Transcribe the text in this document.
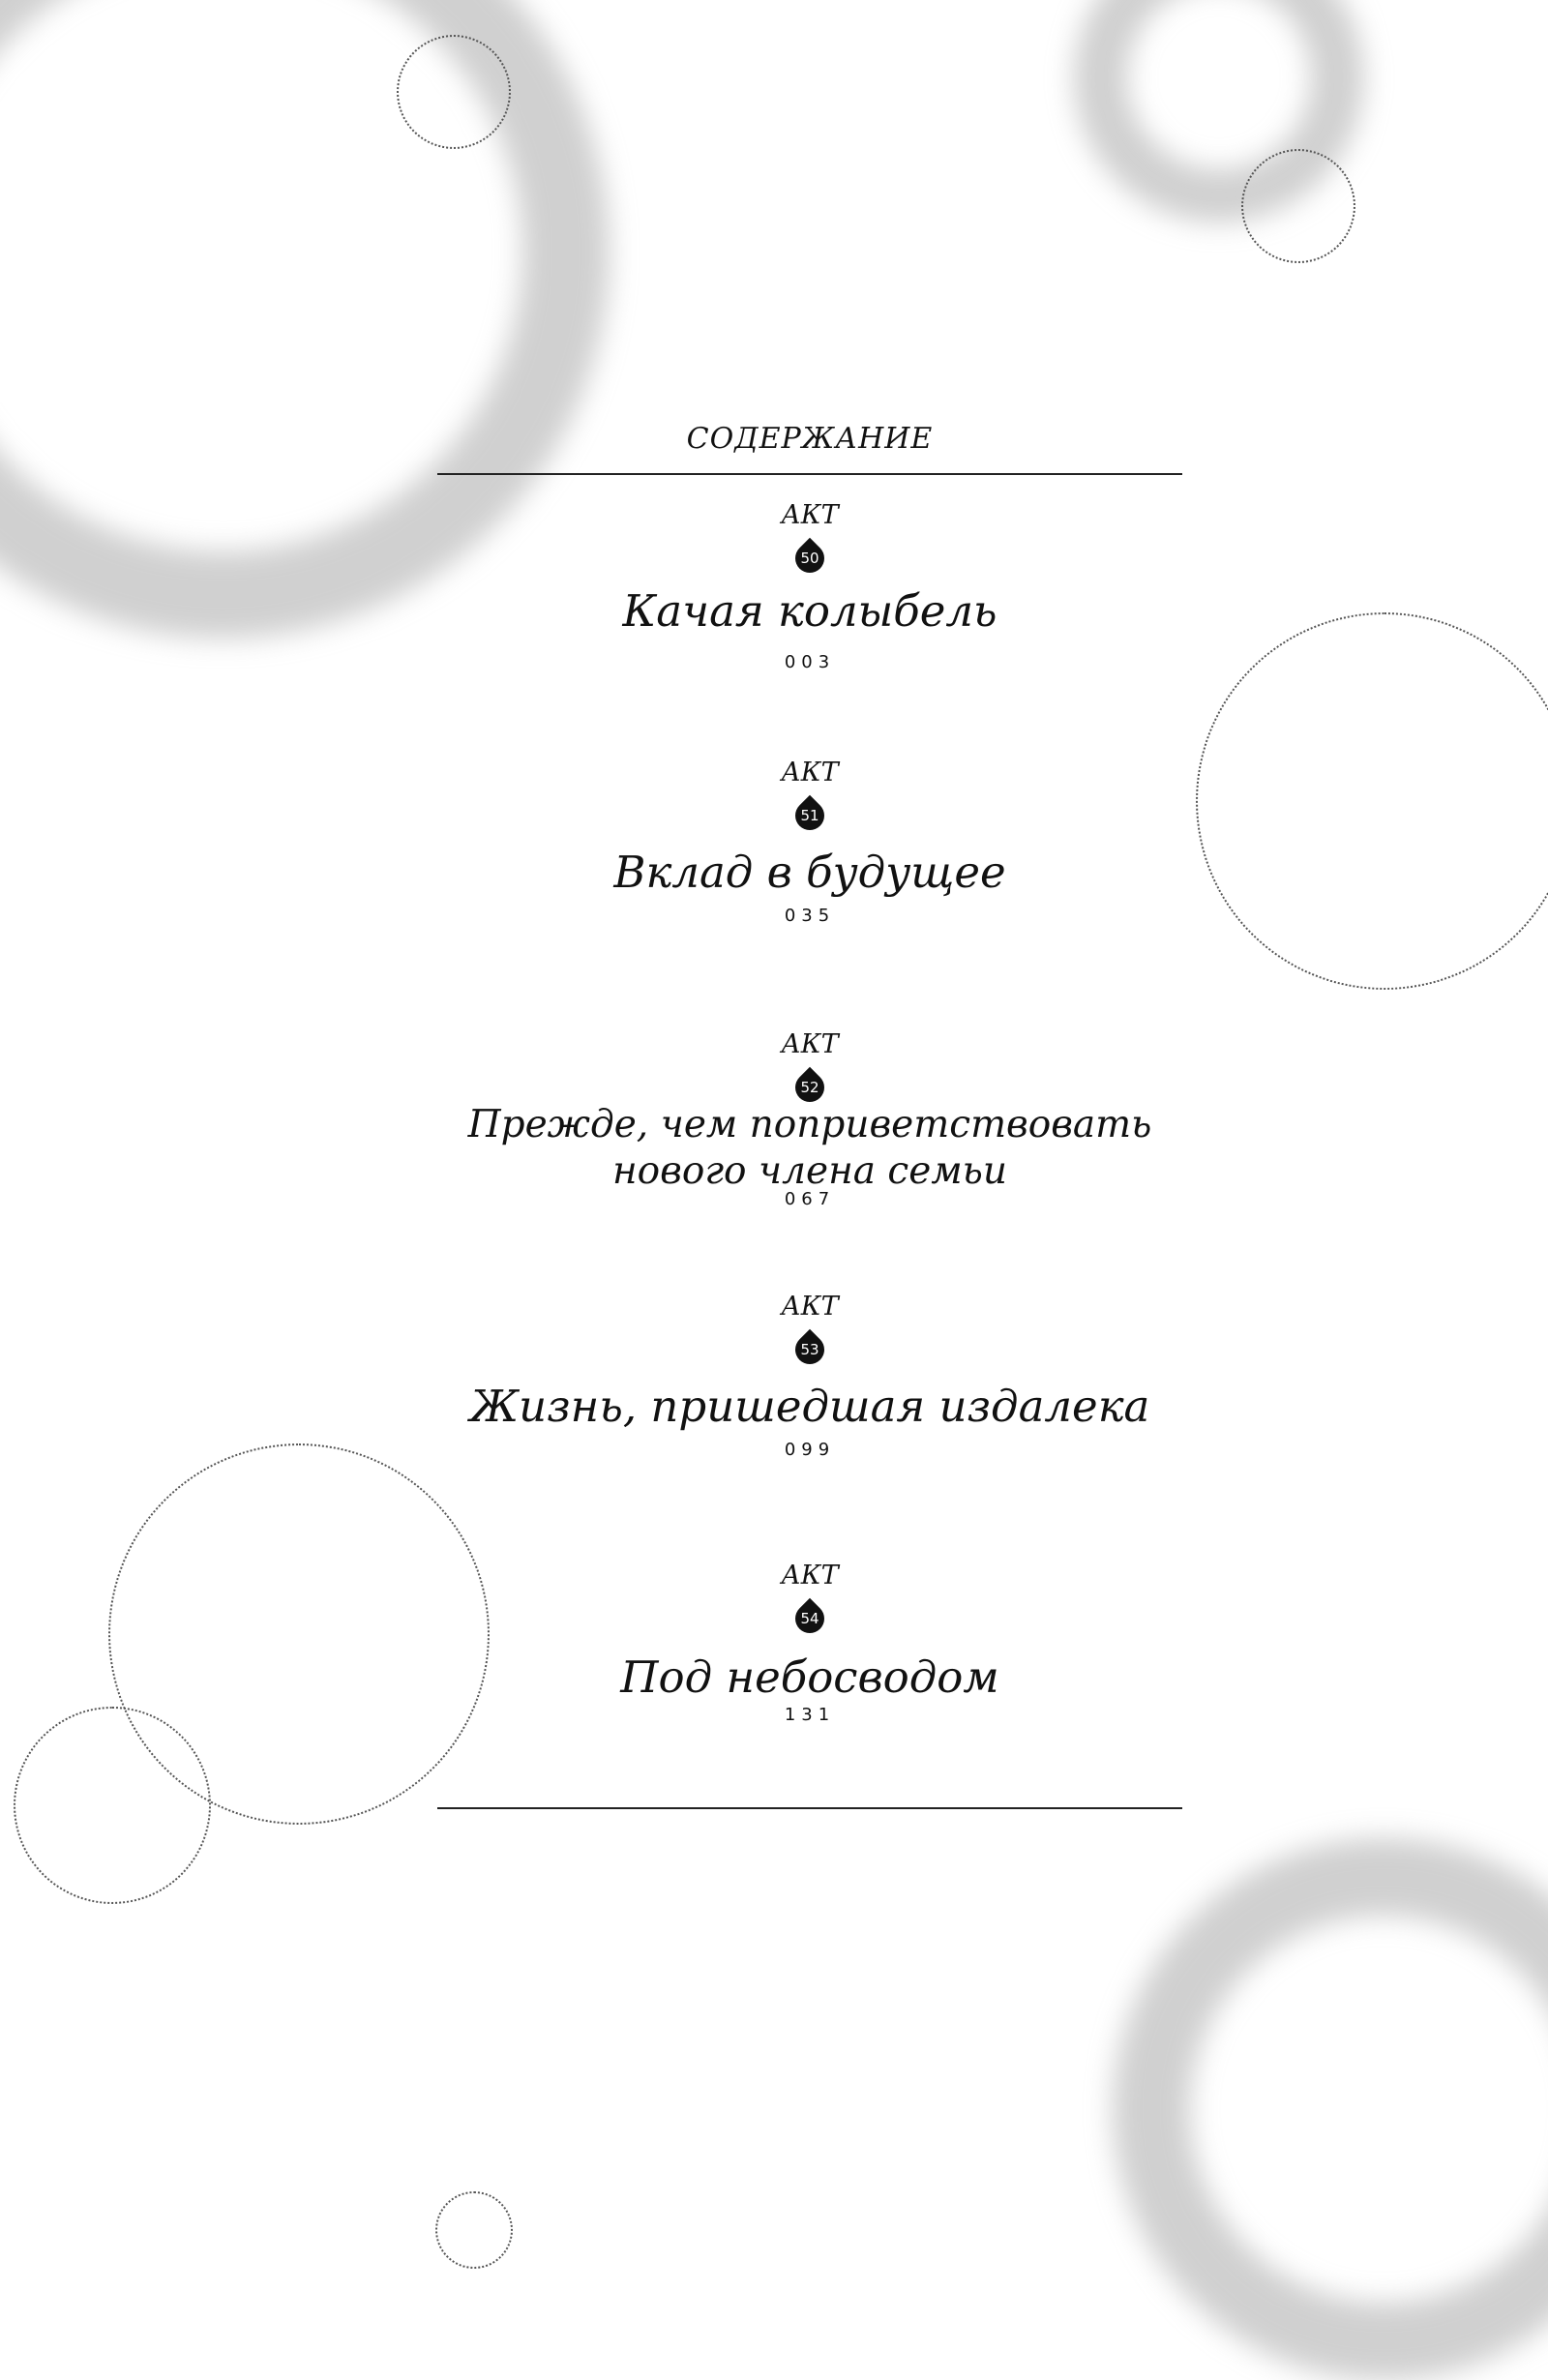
СОДЕРЖАНИЕ
АКТ
50
Качая колыбель
003
АКТ
51
Вклад в будущее
035
АКТ
52
Прежде, чем поприветствовать
нового члена семьи
067
АКТ
53
Жизнь, пришедшая издалека
099
АКТ
54
Под небосводом
131
